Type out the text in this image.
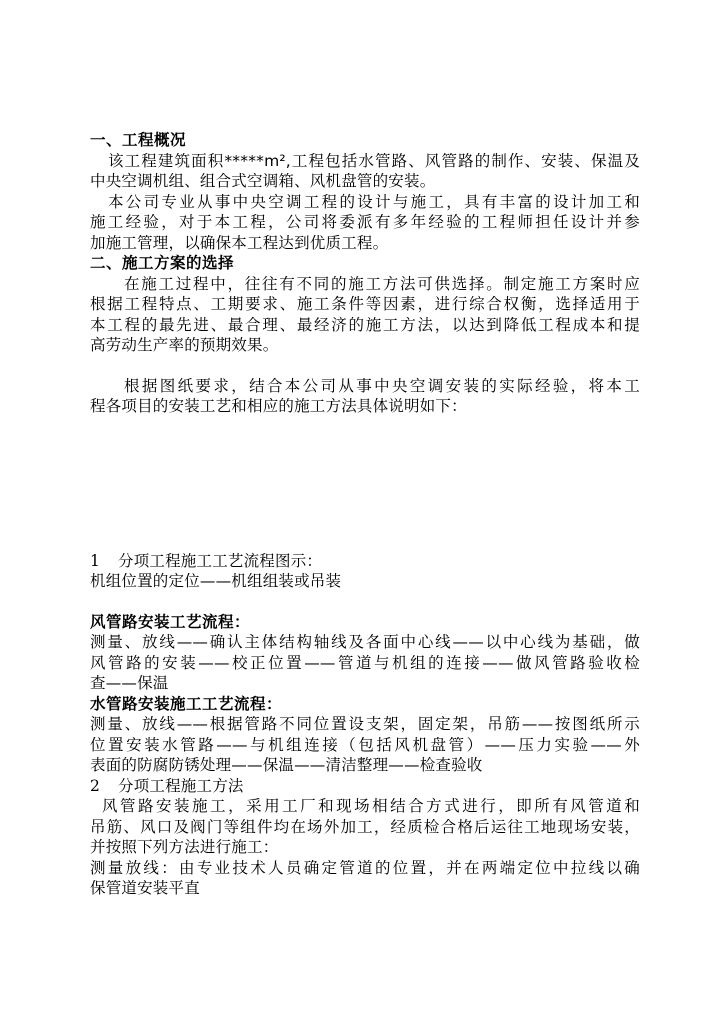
一、工程概况
该工程建筑面积*****m²,工程包括水管路、风管路的制作、安装、保温及
中央空调机组、组合式空调箱、风机盘管的安装。
本公司专业从事中央空调工程的设计与施工，具有丰富的设计加工和
施工经验，对于本工程，公司将委派有多年经验的工程师担任设计并参
加施工管理，以确保本工程达到优质工程。
二、施工方案的选择
在施工过程中，往往有不同的施工方法可供选择。制定施工方案时应
根据工程特点、工期要求、施工条件等因素，进行综合权衡，选择适用于
本工程的最先进、最合理、最经济的施工方法，以达到降低工程成本和提
高劳动生产率的预期效果。
根据图纸要求，结合本公司从事中央空调安装的实际经验，将本工
程各项目的安装工艺和相应的施工方法具体说明如下：
1 分项工程施工工艺流程图示：
机组位置的定位——机组组装或吊装
风管路安装工艺流程：
测量、放线——确认主体结构轴线及各面中心线——以中心线为基础，做
风管路的安装——校正位置——管道与机组的连接——做风管路验收检
查——保温
水管路安装施工工艺流程：
测量、放线——根据管路不同位置设支架，固定架，吊筋——按图纸所示
位置安装水管路——与机组连接（包括风机盘管）——压力实验——外
表面的防腐防锈处理——保温——清洁整理——检查验收
2 分项工程施工方法
风管路安装施工，采用工厂和现场相结合方式进行，即所有风管道和
吊筋、风口及阀门等组件均在场外加工，经质检合格后运往工地现场安装，
并按照下列方法进行施工：
测量放线：由专业技术人员确定管道的位置，并在两端定位中拉线以确
保管道安装平直
